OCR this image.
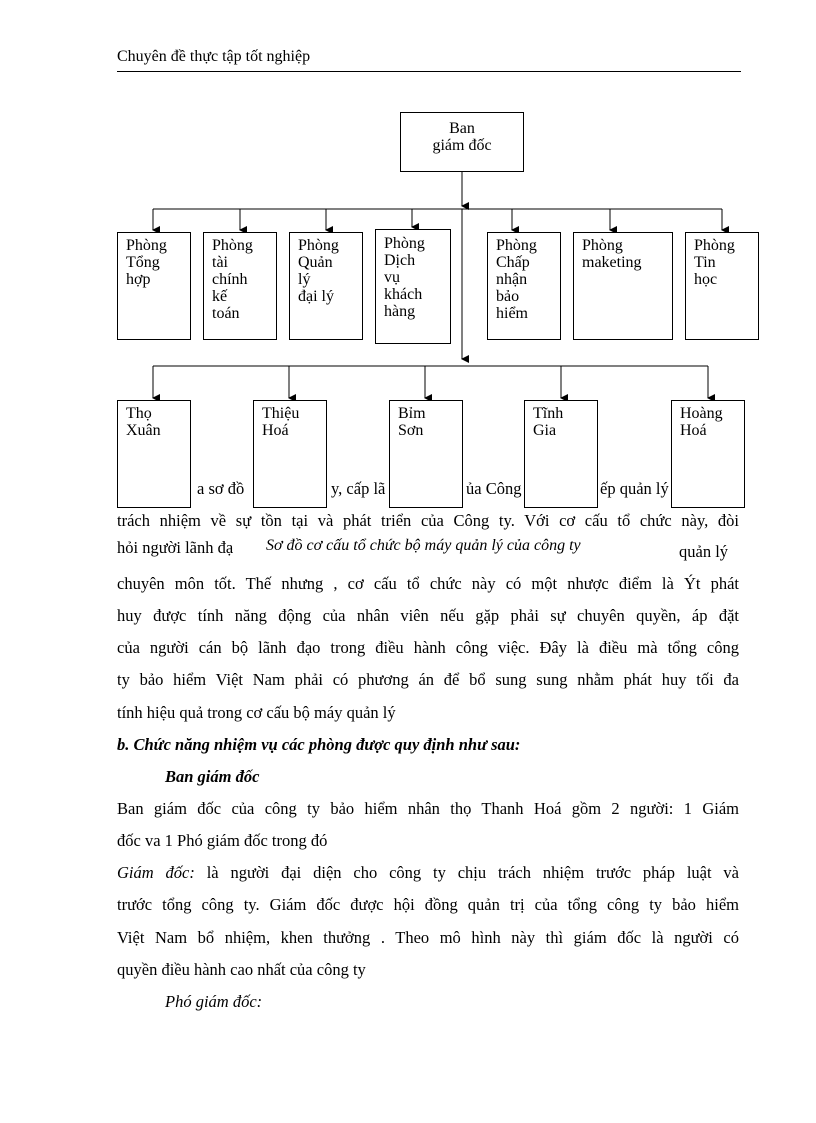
Chuyên đề thực tập tốt nghiệp
Ban
giám đốc
Phòng
Tổng
hợp
Phòng
tài
chính
kế
toán
Phòng
Quản
lý
đại lý
Phòng
Dịch
vụ
khách
hàng
Phòng
Chấp
nhận
bảo
hiểm
Phòng
maketing
Phòng
Tin
học
Thọ
Xuân
Thiệu
Hoá
Bỉm
Sơn
Tĩnh
Gia
Hoàng
Hoá
a sơ đồ	y, cấp lã	ủa Công	ếp quản lý
trách nhiệm về sự tồn tại và phát triển của Công ty. Với cơ cấu tổ chức này, đòi
hỏi người lãnh đạ Sơ đồ cơ cấu tổ chức bộ máy quản lý của công ty	quản lý
chuyên môn tốt. Thế nhưng , cơ cấu tổ chức này có một nhược điểm là Ýt phát
huy được tính năng động của nhân viên nếu gặp phải sự chuyên quyền, áp đặt
của người cán bộ lãnh đạo trong điều hành công việc. Đây là điều mà tổng công
ty bảo hiểm Việt Nam phải có phương án để bổ sung sung nhằm phát huy tối đa
tính hiệu quả trong cơ cấu bộ máy quản lý
b. Chức năng nhiệm vụ các phòng được quy định như sau:
Ban giám đốc
Ban giám đốc của công ty bảo hiểm nhân thọ Thanh Hoá gồm 2 người: 1 Giám
đốc va 1 Phó giám đốc trong đó
Giám đốc: là người đại diện cho công ty chịu trách nhiệm trước pháp luật và
trước tổng công ty. Giám đốc được hội đồng quản trị của tổng công ty bảo hiểm
Việt Nam bổ nhiệm, khen thưởng . Theo mô hình này thì giám đốc là người có
quyền điều hành cao nhất của công ty
Phó giám đốc:
